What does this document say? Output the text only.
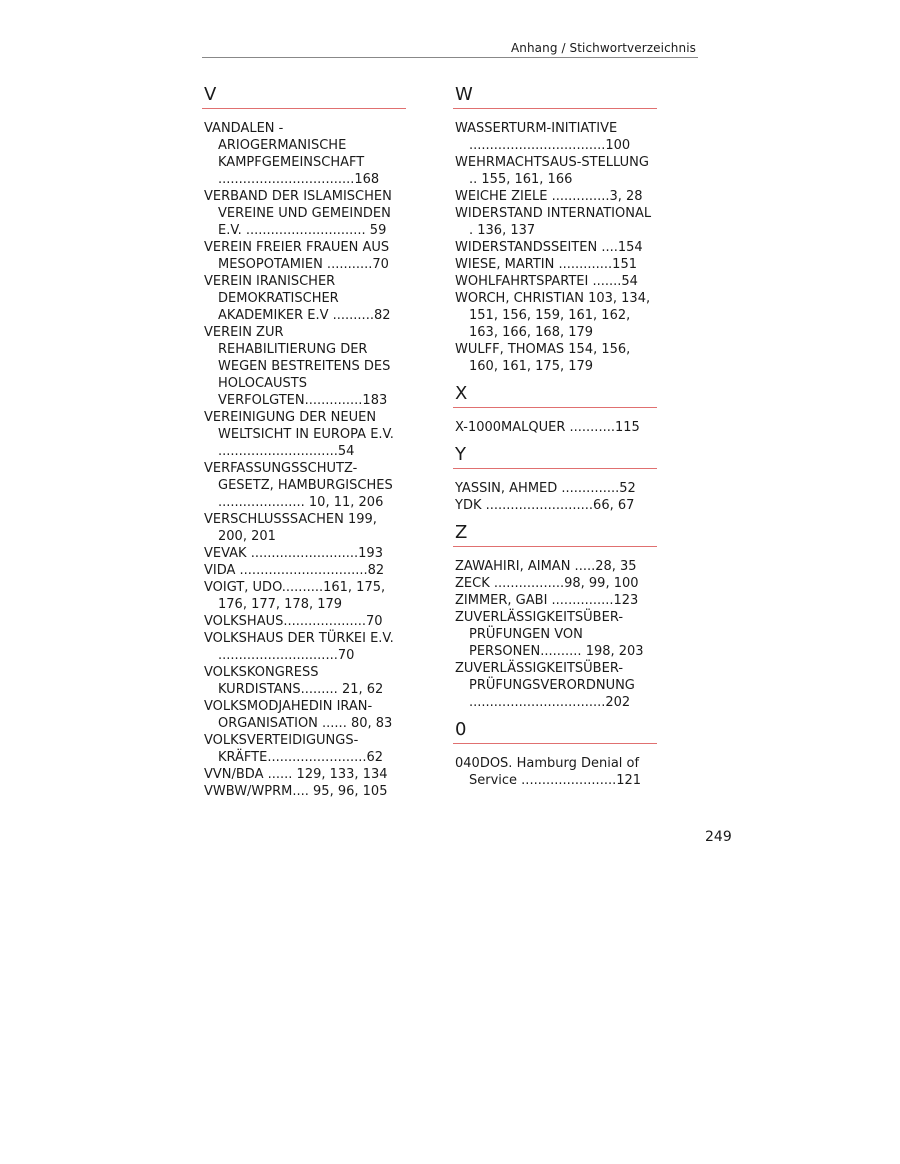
Anhang / Stichwortverzeichnis
V
VANDALEN - ARIOGERMANISCHE KAMPFGEMEINSCHAFT .................................168
VERBAND DER ISLAMISCHEN VEREINE UND GEMEINDEN E.V. ............................. 59
VEREIN FREIER FRAUEN AUS MESOPOTAMIEN ...........70
VEREIN IRANISCHER DEMOKRATISCHER AKADEMIKER E.V ..........82
VEREIN ZUR REHABILITIERUNG DER WEGEN BESTREITENS DES HOLOCAUSTS VERFOLGTEN..............183
VEREINIGUNG DER NEUEN WELTSICHT IN EUROPA E.V. .............................54
VERFASSUNGSSCHUTZ-GESETZ, HAMBURGISCHES ..................... 10, 11, 206
VERSCHLUSSSACHEN 199, 200, 201
VEVAK ..........................193
VIDA ...............................82
VOIGT, UDO..........161, 175, 176, 177, 178, 179
VOLKSHAUS....................70
VOLKSHAUS DER TÜRKEI E.V. .............................70
VOLKSKONGRESS KURDISTANS......... 21, 62
VOLKSMODJAHEDIN IRAN-ORGANISATION ...... 80, 83
VOLKSVERTEIDIGUNGS-KRÄFTE........................62
VVN/BDA ...... 129, 133, 134
VWBW/WPRM.... 95, 96, 105
W
WASSERTURM-INITIATIVE .................................100
WEHRMACHTSAUS-STELLUNG .. 155, 161, 166
WEICHE ZIELE ..............3, 28
WIDERSTAND INTERNATIONAL . 136, 137
WIDERSTANDSSEITEN ....154
WIESE, MARTIN .............151
WOHLFAHRTSPARTEI .......54
WORCH, CHRISTIAN 103, 134, 151, 156, 159, 161, 162, 163, 166, 168, 179
WULFF, THOMAS 154, 156, 160, 161, 175, 179
X
X-1000MALQUER ...........115
Y
YASSIN, AHMED ..............52
YDK ..........................66, 67
Z
ZAWAHIRI, AIMAN .....28, 35
ZECK .................98, 99, 100
ZIMMER, GABI ...............123
ZUVERLÄSSIGKEITSÜBER-PRÜFUNGEN VON PERSONEN.......... 198, 203
ZUVERLÄSSIGKEITSÜBER-PRÜFUNGSVERORDNUNG .................................202
0
040DOS. Hamburg Denial of Service .......................121
249
